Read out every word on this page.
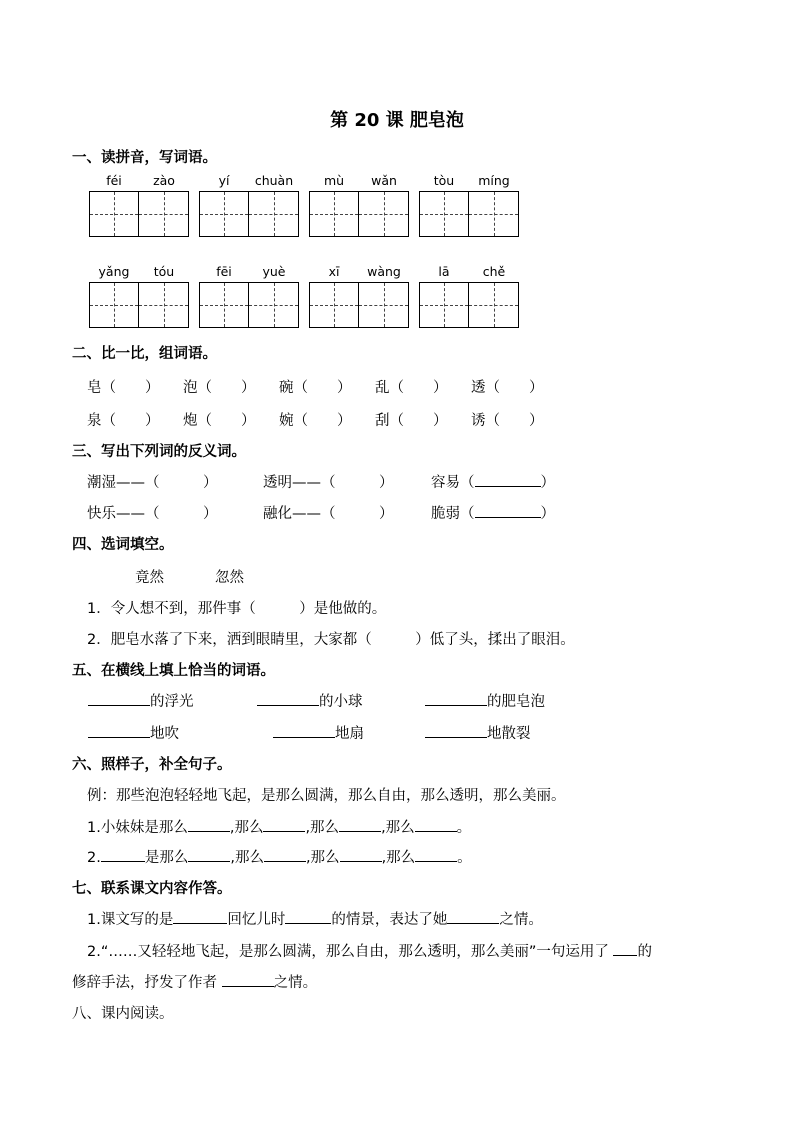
第 20 课 肥皂泡
一、读拼音，写词语。
féi	zào	yí	chuàn	mù	wǎn	tòu	míng
yǎng	tóu	fēi	yuè	xī	wàng	lā	chě
二、比一比，组词语。
皂（　　） 泡（　　） 碗（　　） 乱（　　） 透（　　）
泉（　　） 炮（　　） 婉（　　） 刮（　　） 诱（　　）
三、写出下列词的反义词。
潮湿——（　　　）	透明——（　　　）	容易（	）
快乐——（　　　）	融化——（　　　）	脆弱（	）
四、选词填空。
竟然	忽然
1．令人想不到，那件事（　　　）是他做的。
2．肥皂水落了下来，洒到眼睛里，大家都（　　　）低了头，揉出了眼泪。
五、在横线上填上恰当的词语。
的浮光	的小球	的肥皂泡
地吹	地扇	地散裂
六、照样子，补全句子。
例：那些泡泡轻轻地飞起，是那么圆满，那么自由，那么透明，那么美丽。
1.小妹妹是那么	,那么	,那么	,那么	。
2.	是那么	,那么	,那么	,那么	。
七、联系课文内容作答。
1.课文写的是	回忆儿时	的情景，表达了她	之情。
2.“……又轻轻地飞起，是那么圆满，那么自由，那么透明，那么美丽”一句运用了 的
修辞手法，抒发了作者	之情。
八、课内阅读。
